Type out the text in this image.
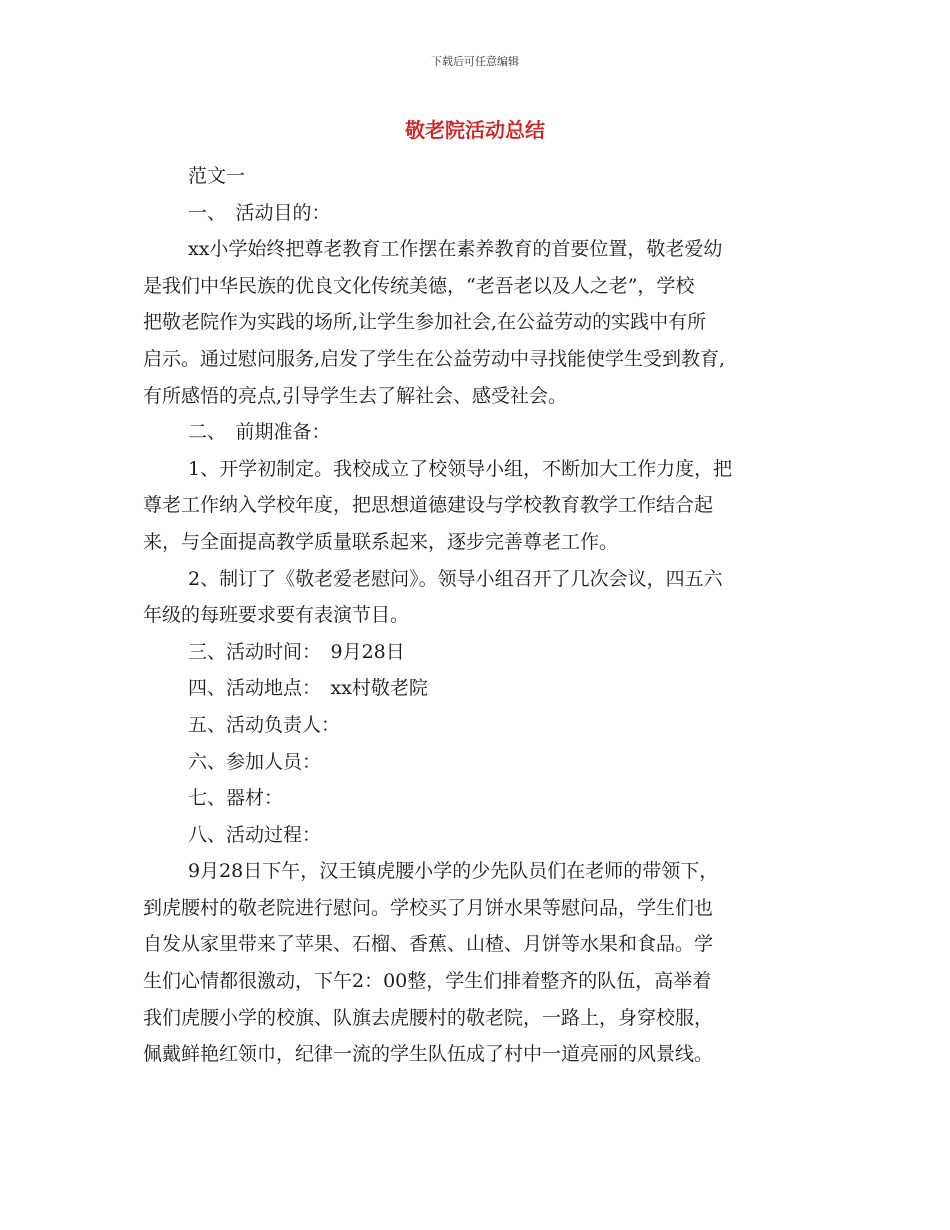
下载后可任意编辑
敬老院活动总结
范文一
一、　活动目的：
xx小学始终把尊老教育工作摆在素养教育的首要位置，敬老爱幼
是我们中华民族的优良文化传统美德，“老吾老以及人之老”，学校
把敬老院作为实践的场所,让学生参加社会,在公益劳动的实践中有所
启示。通过慰问服务,启发了学生在公益劳动中寻找能使学生受到教育,
有所感悟的亮点,引导学生去了解社会、感受社会。
二、　前期准备：
1、开学初制定。我校成立了校领导小组，不断加大工作力度，把
尊老工作纳入学校年度，把思想道德建设与学校教育教学工作结合起
来，与全面提高教学质量联系起来，逐步完善尊老工作。
2、制订了《敬老爱老慰问》。领导小组召开了几次会议，四五六
年级的每班要求要有表演节目。
三、活动时间：　9月28日
四、活动地点：　xx村敬老院
五、活动负责人：
六、参加人员：
七、器材：
八、活动过程：
9月28日下午，汉王镇虎腰小学的少先队员们在老师的带领下，
到虎腰村的敬老院进行慰问。学校买了月饼水果等慰问品，学生们也
自发从家里带来了苹果、石榴、香蕉、山楂、月饼等水果和食品。学
生们心情都很激动，下午2：00整，学生们排着整齐的队伍，高举着
我们虎腰小学的校旗、队旗去虎腰村的敬老院，一路上，身穿校服，
佩戴鲜艳红领巾，纪律一流的学生队伍成了村中一道亮丽的风景线。
